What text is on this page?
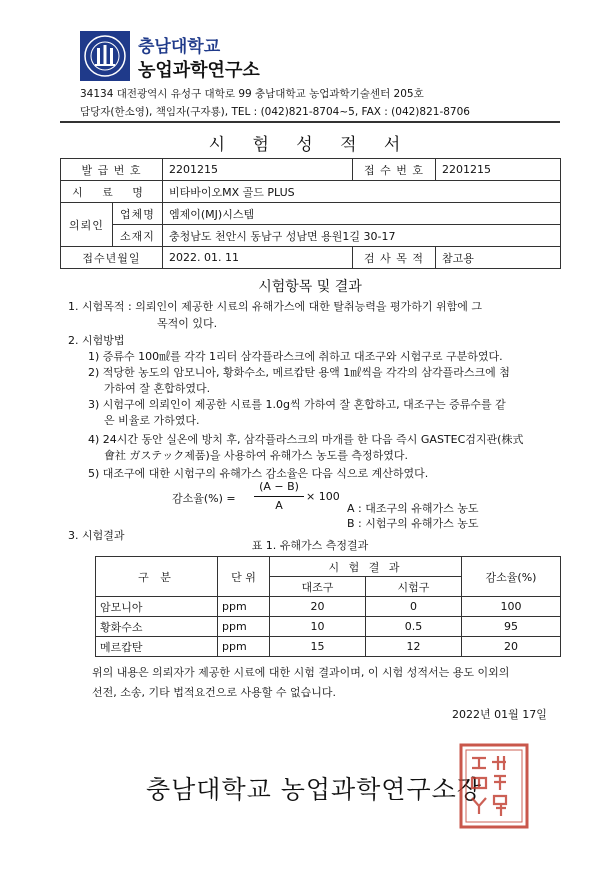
충남대학교
농업과학연구소
34134 대전광역시 유성구 대학로 99 충남대학교 농업과학기술센터 205호
담당자(한소영), 책임자(구자룡), TEL : (042)821-8704~5, FAX : (042)821-8706
시 험 성 적 서
발 급 번 호		2201215	접 수 번 호	2201215
시 료 명		비타바이오MX 골드 PLUS		
의뢰인	업체명	엠제이(MJ)시스템		
	소재지	충청남도 천안시 동남구 성남면 용원1길 30-17		
접수년월일		2022. 01. 11	검 사 목 적	참고용
시험항목 및 결과
1. 시험목적 : 의뢰인이 제공한 시료의 유해가스에 대한 탈취능력을 평가하기 위함에 그
목적이 있다.
2. 시험방법
1) 증류수 100㎖를 각각 1리터 삼각플라스크에 취하고 대조구와 시험구로 구분하였다.
2) 적당한 농도의 암모니아, 황화수소, 메르캅탄 용액 1㎖씩을 각각의 삼각플라스크에 첨
가하여 잘 혼합하였다.
3) 시험구에 의뢰인이 제공한 시료를 1.0g씩 가하여 잘 혼합하고, 대조구는 증류수를 같
은 비율로 가하였다.
4) 24시간 동안 실온에 방치 후, 삼각플라스크의 마개를 한 다음 즉시 GASTEC검지관(株式
會社 ガステック제품)을 사용하여 유해가스 농도를 측정하였다.
5) 대조구에 대한 시험구의 유해가스 감소율은 다음 식으로 계산하였다.
감소율(%) =
(A − B)
A
× 100
A : 대조구의 유해가스 농도
B : 시험구의 유해가스 농도
3. 시험결과
표 1. 유해가스 측정결과
구 분	단 위	시 험 결 과		감소율(%)
		대조구	시험구	
암모니아	ppm	20	0	100
황화수소	ppm	10	0.5	95
메르캅탄	ppm	15	12	20
위의 내용은 의뢰자가 제공한 시료에 대한 시험 결과이며, 이 시험 성적서는 용도 이외의
선전, 소송, 기타 법적요건으로 사용할 수 없습니다.
2022년 01월 17일
충남대학교 농업과학연구소장
